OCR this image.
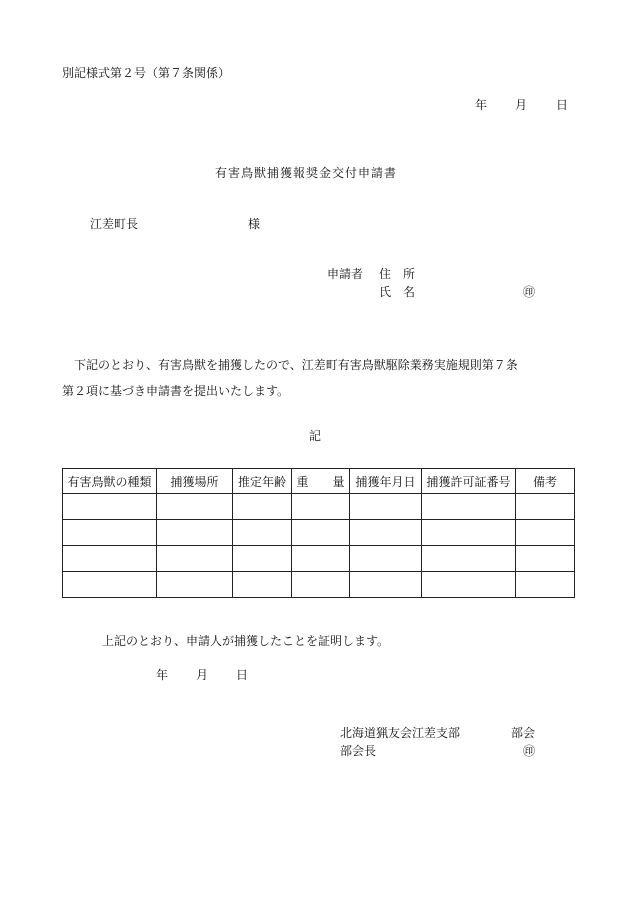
別記様式第２号（第７条関係）
年 月 日
有害鳥獣捕獲報奨金交付申請書
江差町長	様
申請者 住　所
氏　名	㊞
下記のとおり、有害鳥獣を捕獲したので、江差町有害鳥獣駆除業務実施規則第７条
第２項に基づき申請書を提出いたします。
記
有害鳥獣の種類	捕獲場所	推定年齢	重　　量	捕獲年月日	捕獲許可証番号	備考

上記のとおり、申請人が捕獲したことを証明します。
年 月 日
北海道猟友会江差支部	部会
部会長	㊞
